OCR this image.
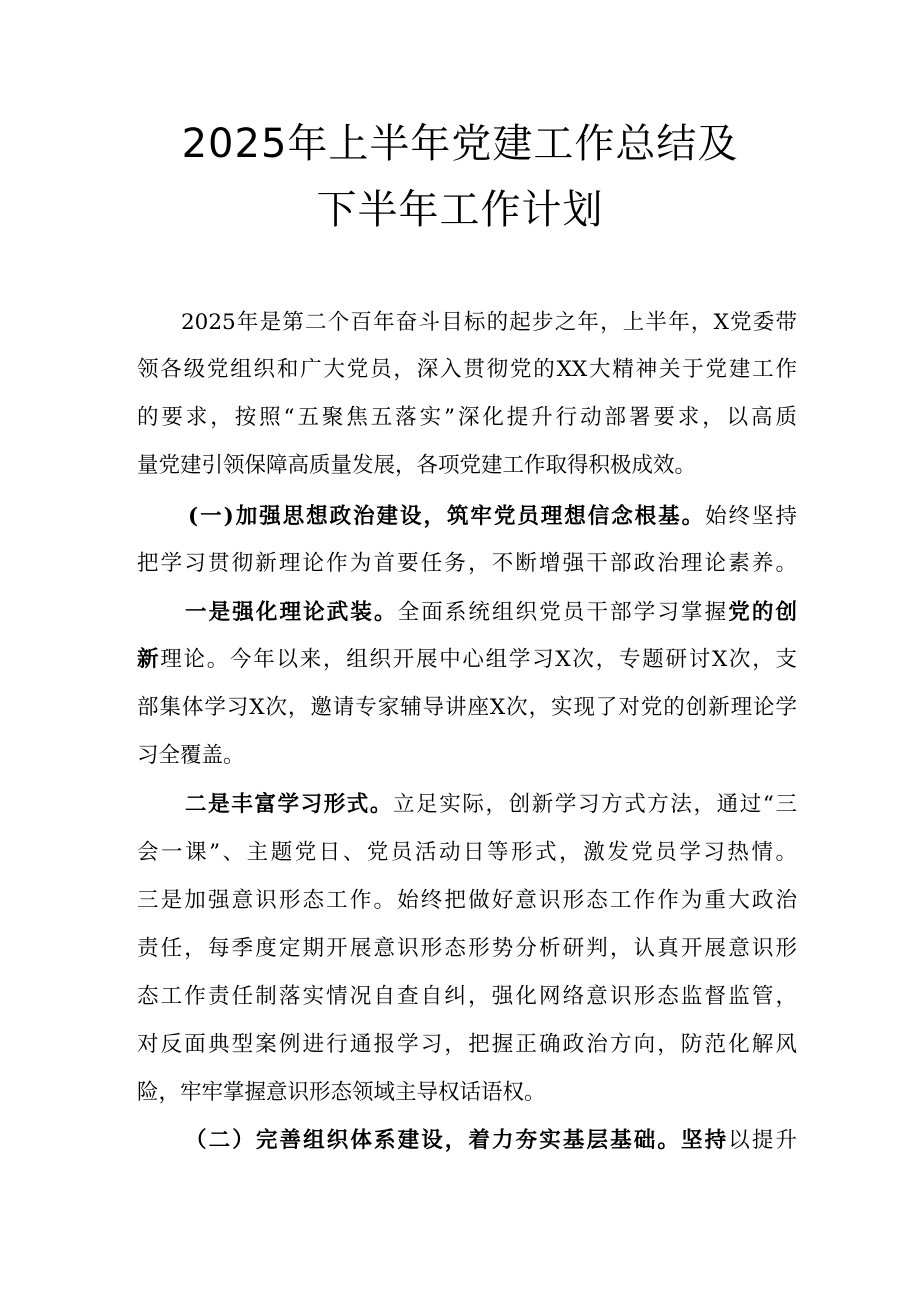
2025年上半年党建工作总结及
下半年工作计划
2025年是第二个百年奋斗目标的起步之年，上半年，X党委带
领各级党组织和广大党员，深入贯彻党的XX大精神关于党建工作
的要求，按照“五聚焦五落实”深化提升行动部署要求，以高质
量党建引领保障高质量发展，各项党建工作取得积极成效。
(一)加强思想政治建设，筑牢党员理想信念根基。始终坚持
把学习贯彻新理论作为首要任务，不断增强干部政治理论素养。
一是强化理论武装。全面系统组织党员干部学习掌握党的创
新理论。今年以来，组织开展中心组学习X次，专题研讨X次，支
部集体学习X次，邀请专家辅导讲座X次，实现了对党的创新理论学
习全覆盖。
二是丰富学习形式。立足实际，创新学习方式方法，通过“三
会一课”、主题党日、党员活动日等形式，激发党员学习热情。
三是加强意识形态工作。始终把做好意识形态工作作为重大政治
责任，每季度定期开展意识形态形势分析研判，认真开展意识形
态工作责任制落实情况自查自纠，强化网络意识形态监督监管，
对反面典型案例进行通报学习，把握正确政治方向，防范化解风
险，牢牢掌握意识形态领域主导权话语权。
（二）完善组织体系建设，着力夯实基层基础。坚持以提升
